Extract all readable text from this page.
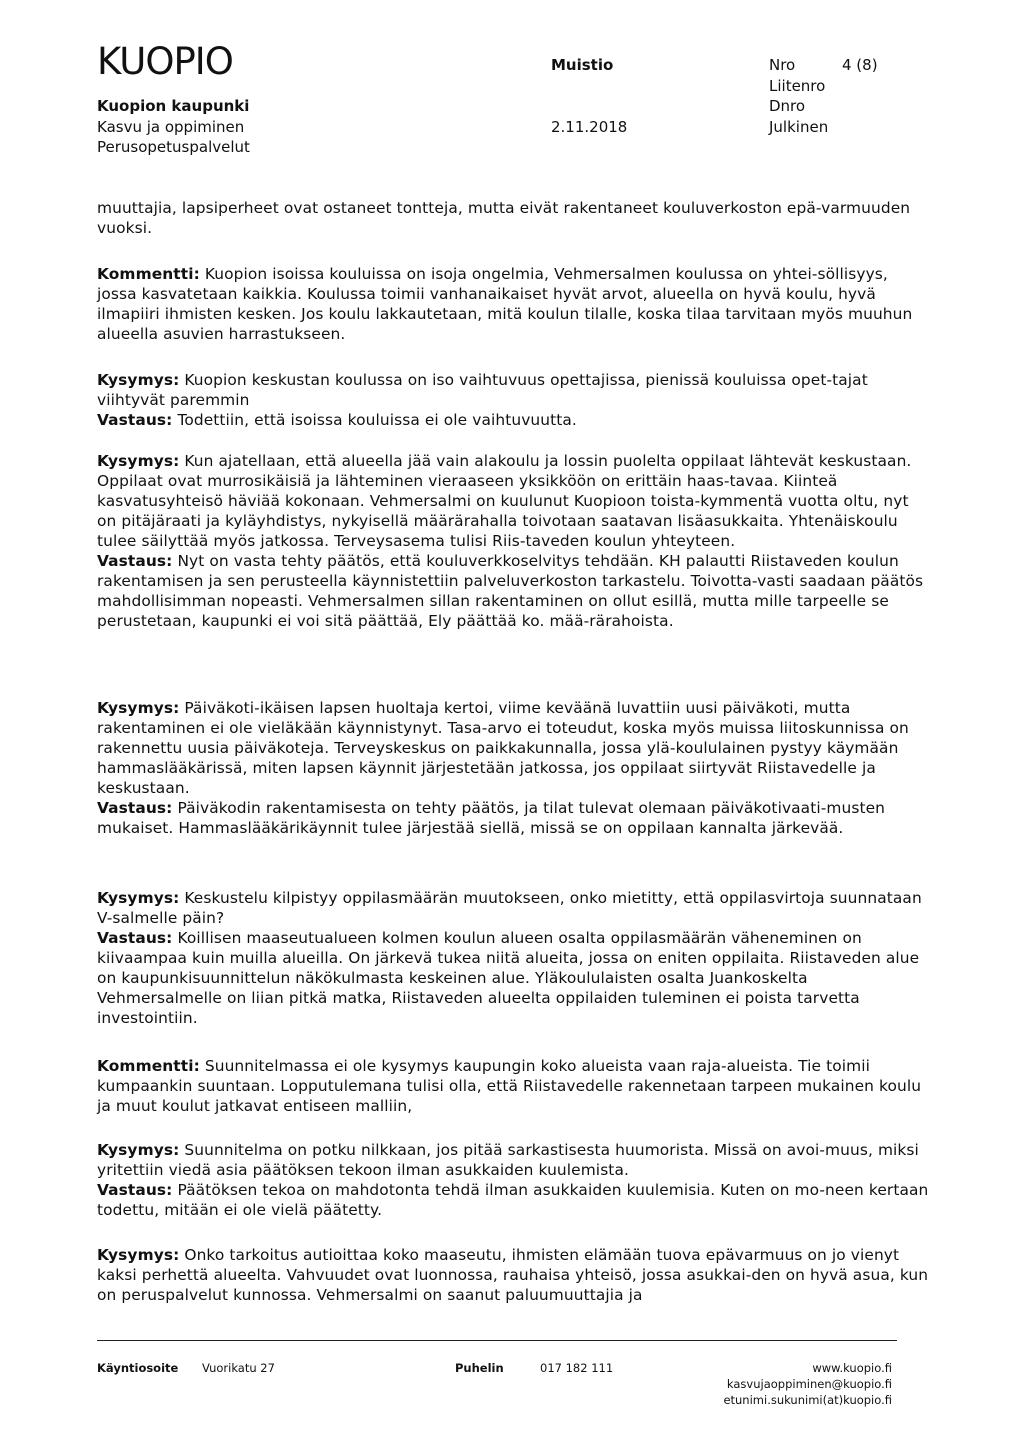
KUOPIO
Kuopion kaupunki
Kasvu ja oppiminen
Perusopetuspalvelut
Muistio
2.11.2018
Nro	4 (8)
Liitenro
Dnro
Julkinen

muuttajia, lapsiperheet ovat ostaneet tontteja, mutta eivät rakentaneet kouluverkoston epä-varmuuden vuoksi.

Kommentti: Kuopion isoissa kouluissa on isoja ongelmia, Vehmersalmen koulussa on yhtei-söllisyys, jossa kasvatetaan kaikkia. Koulussa toimii vanhanaikaiset hyvät arvot, alueella on hyvä koulu, hyvä ilmapiiri ihmisten kesken. Jos koulu lakkautetaan, mitä koulun tilalle, koska tilaa tarvitaan myös muuhun alueella asuvien harrastukseen.

Kysymys: Kuopion keskustan koulussa on iso vaihtuvuus opettajissa, pienissä kouluissa opet-tajat viihtyvät paremmin

Vastaus: Todettiin, että isoissa kouluissa ei ole vaihtuvuutta.

Kysymys: Kun ajatellaan, että alueella jää vain alakoulu ja lossin puolelta oppilaat lähtevät keskustaan. Oppilaat ovat murrosikäisiä ja lähteminen vieraaseen yksikköön on erittäin haas-tavaa. Kiinteä kasvatusyhteisö häviää kokonaan. Vehmersalmi on kuulunut Kuopioon toista-kymmentä vuotta oltu, nyt on pitäjäraati ja kyläyhdistys, nykyisellä määrärahalla toivotaan saatavan lisäasukkaita. Yhtenäiskoulu tulee säilyttää myös jatkossa. Terveysasema tulisi Riis-taveden koulun yhteyteen.

Vastaus: Nyt on vasta tehty päätös, että kouluverkkoselvitys tehdään. KH palautti Riistaveden koulun rakentamisen ja sen perusteella käynnistettiin palveluverkoston tarkastelu. Toivotta-vasti saadaan päätös mahdollisimman nopeasti. Vehmersalmen sillan rakentaminen on ollut esillä, mutta mille tarpeelle se perustetaan, kaupunki ei voi sitä päättää, Ely päättää ko. mää-rärahoista.

Kysymys: Päiväkoti-ikäisen lapsen huoltaja kertoi, viime keväänä luvattiin uusi päiväkoti, mutta rakentaminen ei ole vieläkään käynnistynyt. Tasa-arvo ei toteudut, koska myös muissa liitoskunnissa on rakennettu uusia päiväkoteja. Terveyskeskus on paikkakunnalla, jossa ylä-koululainen pystyy käymään hammaslääkärissä, miten lapsen käynnit järjestetään jatkossa, jos oppilaat siirtyvät Riistavedelle ja keskustaan.

Vastaus: Päiväkodin rakentamisesta on tehty päätös, ja tilat tulevat olemaan päiväkotivaati-musten mukaiset. Hammaslääkärikäynnit tulee järjestää siellä, missä se on oppilaan kannalta järkevää.

Kysymys: Keskustelu kilpistyy oppilasmäärän muutokseen, onko mietitty, että oppilasvirtoja suunnataan V-salmelle päin?

Vastaus: Koillisen maaseutualueen kolmen koulun alueen osalta oppilasmäärän väheneminen on kiivaampaa kuin muilla alueilla. On järkevä tukea niitä alueita, jossa on eniten oppilaita. Riistaveden alue on kaupunkisuunnittelun näkökulmasta keskeinen alue. Yläkoululaisten osalta Juankoskelta Vehmersalmelle on liian pitkä matka, Riistaveden alueelta oppilaiden tuleminen ei poista tarvetta investointiin.

Kommentti: Suunnitelmassa ei ole kysymys kaupungin koko alueista vaan raja-alueista. Tie toimii kumpaankin suuntaan. Lopputulemana tulisi olla, että Riistavedelle rakennetaan tarpeen mukainen koulu ja muut koulut jatkavat entiseen malliin,

Kysymys: Suunnitelma on potku nilkkaan, jos pitää sarkastisesta huumorista. Missä on avoi-muus, miksi yritettiin viedä asia päätöksen tekoon ilman asukkaiden kuulemista.

Vastaus: Päätöksen tekoa on mahdotonta tehdä ilman asukkaiden kuulemisia. Kuten on mo-neen kertaan todettu, mitään ei ole vielä päätetty.

Kysymys: Onko tarkoitus autioittaa koko maaseutu, ihmisten elämään tuova epävarmuus on jo vienyt kaksi perhettä alueelta. Vahvuudet ovat luonnossa, rauhaisa yhteisö, jossa asukkai-den on hyvä asua, kun on peruspalvelut kunnossa. Vehmersalmi on saanut paluumuuttajia ja

Käyntiosoite Vuorikatu 27	Puhelin	017 182 111	www.kuopio.fi
kasvujaoppiminen@kuopio.fi
etunimi.sukunimi(at)kuopio.fi
